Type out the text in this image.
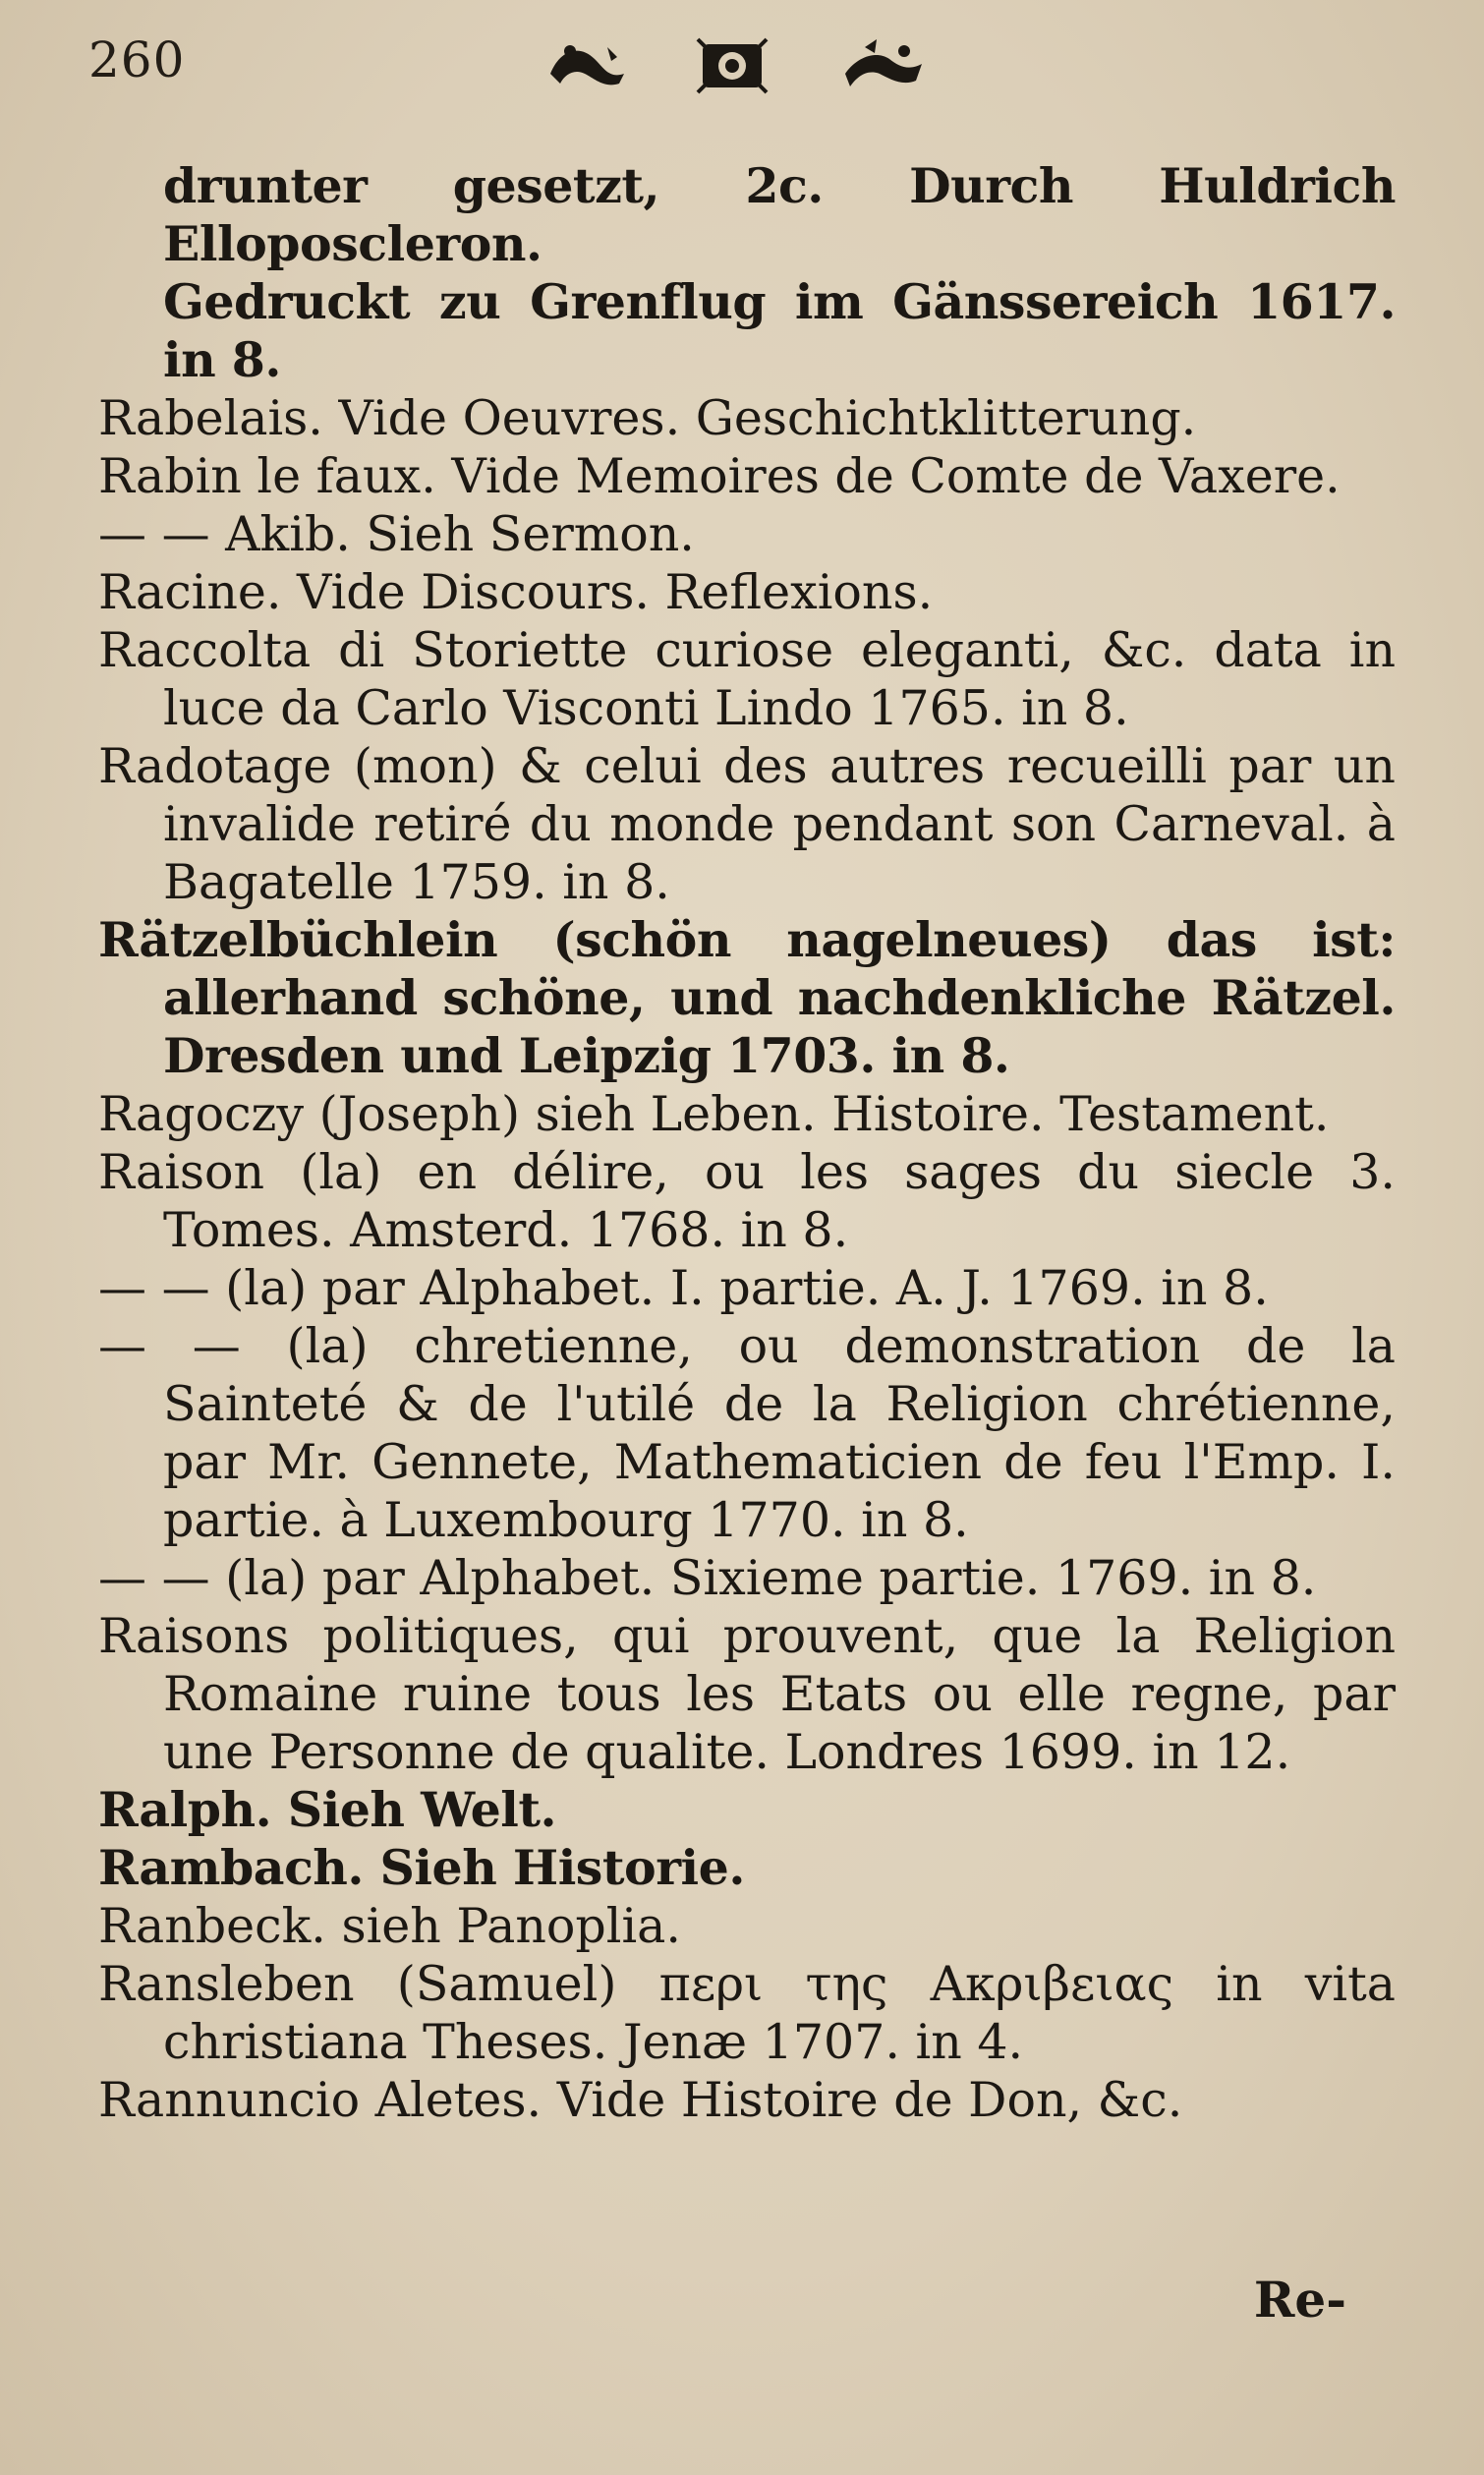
260
drunter gesetzt, 2c. Durch Huldrich Elloposcleron.
Gedruckt zu Grenflug im Gänssereich 1617. in 8.
Rabelais. Vide Oeuvres. Geschichtklitterung.
Rabin le faux. Vide Memoires de Comte de Vaxere.
— — Akib. Sieh Sermon.
Racine. Vide Discours. Reflexions.
Raccolta di Storiette curiose eleganti, &c. data in luce da Carlo Visconti Lindo 1765. in 8.
Radotage (mon) & celui des autres recueilli par un invalide retiré du monde pendant son Carneval. à Bagatelle 1759. in 8.
Rätzelbüchlein (schön nagelneues) das ist: allerhand schöne, und nachdenkliche Rätzel. Dresden und Leipzig 1703. in 8.
Ragoczy (Joseph) sieh Leben. Histoire. Testament.
Raison (la) en délire, ou les sages du siecle 3. Tomes. Amsterd. 1768. in 8.
— — (la) par Alphabet. I. partie. A. J. 1769. in 8.
— — (la) chretienne, ou demonstration de la Sainteté & de l'utilé de la Religion chrétienne, par Mr. Gennete, Mathematicien de feu l'Emp. I. partie. à Luxembourg 1770. in 8.
— — (la) par Alphabet. Sixieme partie. 1769. in 8.
Raisons politiques, qui prouvent, que la Religion Romaine ruine tous les Etats ou elle regne, par une Personne de qualite. Londres 1699. in 12.
Ralph. Sieh Welt.
Rambach. Sieh Historie.
Ranbeck. sieh Panoplia.
Ransleben (Samuel) περι της Ακριβειας in vita christiana Theses. Jenæ 1707. in 4.
Rannuncio Aletes. Vide Histoire de Don, &c.
Re-
